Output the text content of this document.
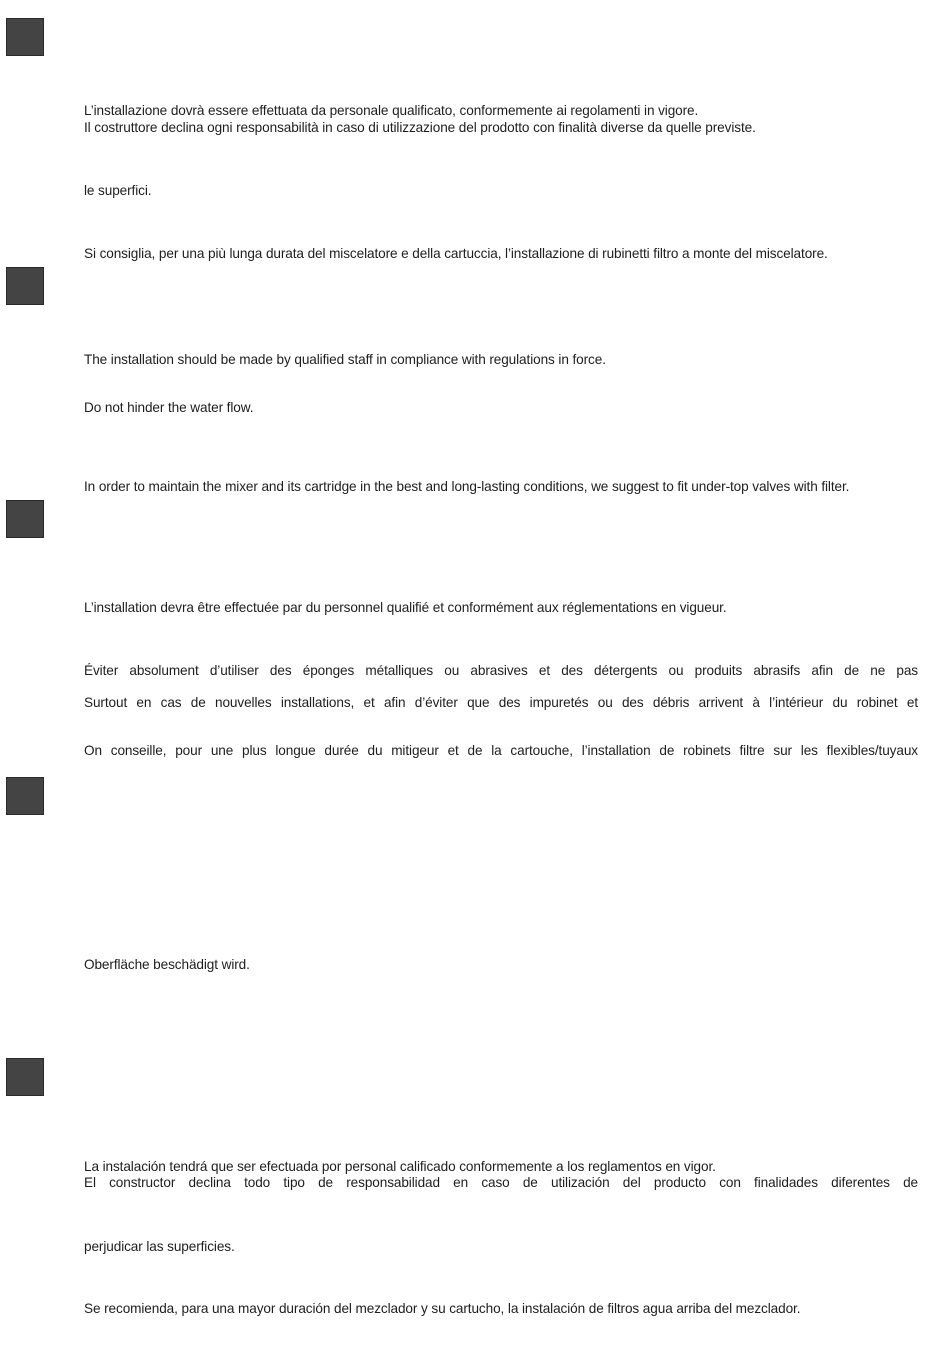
L’installazione dovrà essere effettuata da personale qualificato, conformemente ai regolamenti in vigore.
Il costruttore declina ogni responsabilità in caso di utilizzazione del prodotto con finalità diverse da quelle previste.
le superfici.
Si consiglia, per una più lunga durata del miscelatore e della cartuccia, l’installazione di rubinetti filtro a monte del miscelatore.
The installation should be made by qualified staff in compliance with regulations in force.
Do not hinder the water flow.
In order to maintain the mixer and its cartridge in the best and long-lasting conditions, we suggest to fit under-top valves with filter.
L’installation devra être effectuée par du personnel qualifié et conformément aux réglementations en vigueur.
Éviter absolument d’utiliser des éponges métalliques ou abrasives et des détergents ou produits abrasifs afin de ne pas
Surtout en cas de nouvelles installations, et afin d’éviter que des impuretés ou des débris arrivent à l’intérieur du robinet et
On conseille, pour une plus longue durée du mitigeur et de la cartouche, l’installation de robinets filtre sur les flexibles/tuyaux
Oberfläche beschädigt wird.
La instalación tendrá que ser efectuada por personal calificado conformemente a los reglamentos en vigor.
El constructor declina todo tipo de responsabilidad en caso de utilización del producto con finalidades diferentes de
perjudicar las superficies.
Se recomienda, para una mayor duración del mezclador y su cartucho, la instalación de filtros agua arriba del mezclador.
